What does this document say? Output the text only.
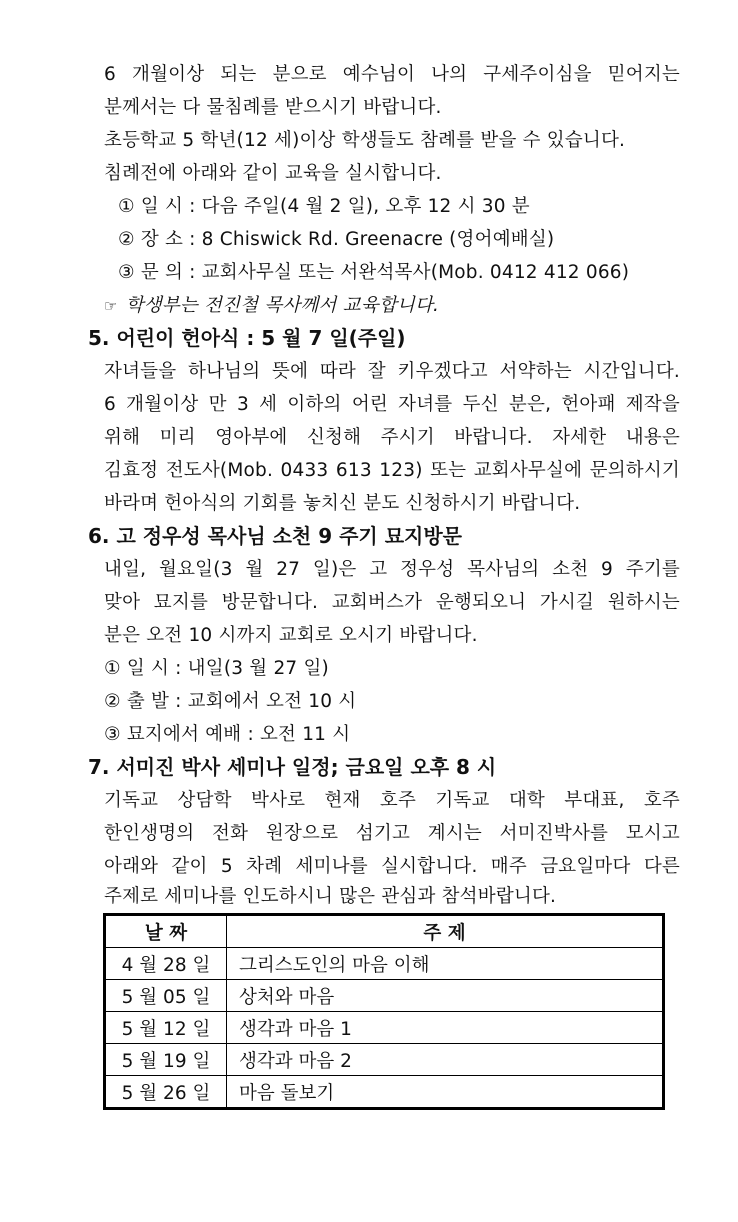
6 개월이상 되는 분으로 예수님이 나의 구세주이심을 믿어지는
분께서는 다 물침례를 받으시기 바랍니다.
초등학교 5 학년(12 세)이상 학생들도 참례를 받을 수 있습니다.
침례전에 아래와 같이 교육을 실시합니다.
① 일 시 : 다음 주일(4 월 2 일), 오후 12 시 30 분
② 장 소 : 8 Chiswick Rd. Greenacre (영어예배실)
③ 문 의 : 교회사무실 또는 서완석목사(Mob. 0412 412 066)
☞ 학생부는 전진철 목사께서 교육합니다.
5. 어린이 헌아식 : 5 월 7 일(주일)
자녀들을 하나님의 뜻에 따라 잘 키우겠다고 서약하는 시간입니다.
6 개월이상 만 3 세 이하의 어린 자녀를 두신 분은, 헌아패 제작을
위해 미리 영아부에 신청해 주시기 바랍니다. 자세한 내용은
김효정 전도사(Mob. 0433 613 123) 또는 교회사무실에 문의하시기
바라며 헌아식의 기회를 놓치신 분도 신청하시기 바랍니다.
6. 고 정우성 목사님 소천 9 주기 묘지방문
내일, 월요일(3 월 27 일)은 고 정우성 목사님의 소천 9 주기를
맞아 묘지를 방문합니다. 교회버스가 운행되오니 가시길 원하시는
분은 오전 10 시까지 교회로 오시기 바랍니다.
① 일 시 : 내일(3 월 27 일)
② 출 발 : 교회에서 오전 10 시
③ 묘지에서 예배 : 오전 11 시
7. 서미진 박사 세미나 일정; 금요일 오후 8 시
기독교 상담학 박사로 현재 호주 기독교 대학 부대표, 호주
한인생명의 전화 원장으로 섬기고 계시는 서미진박사를 모시고
아래와 같이 5 차례 세미나를 실시합니다. 매주 금요일마다 다른
주제로 세미나를 인도하시니 많은 관심과 참석바랍니다.
날 짜	주 제
4 월 28 일	그리스도인의 마음 이해
5 월 05 일	상처와 마음
5 월 12 일	생각과 마음 1
5 월 19 일	생각과 마음 2
5 월 26 일	마음 돌보기
